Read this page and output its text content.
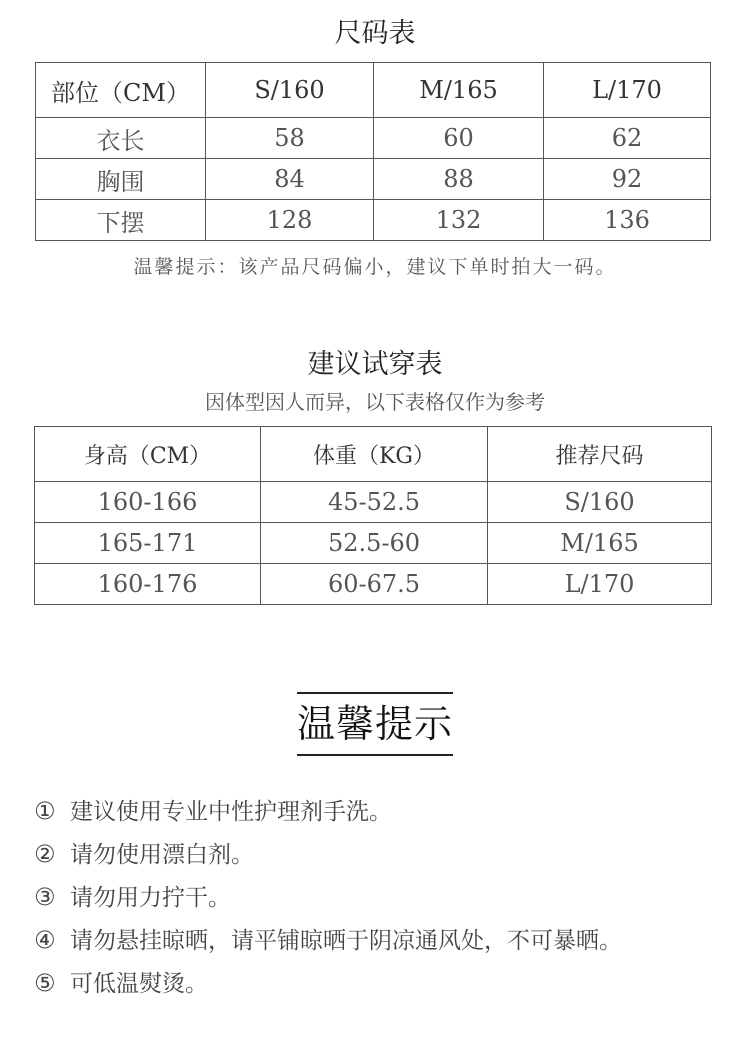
尺码表
部位（CM）	S/160	M/165	L/170
衣长	58	60	62
胸围	84	88	92
下摆	128	132	136
温馨提示：该产品尺码偏小，建议下单时拍大一码。
建议试穿表
因体型因人而异，以下表格仅作为参考
身高（CM）	体重（KG）	推荐尺码
160-166	45-52.5	S/160
165-171	52.5-60	M/165
160-176	60-67.5	L/170
温馨提示
① 建议使用专业中性护理剂手洗。
② 请勿使用漂白剂。
③ 请勿用力拧干。
④ 请勿悬挂晾晒，请平铺晾晒于阴凉通风处，不可暴晒。
⑤ 可低温熨烫。
